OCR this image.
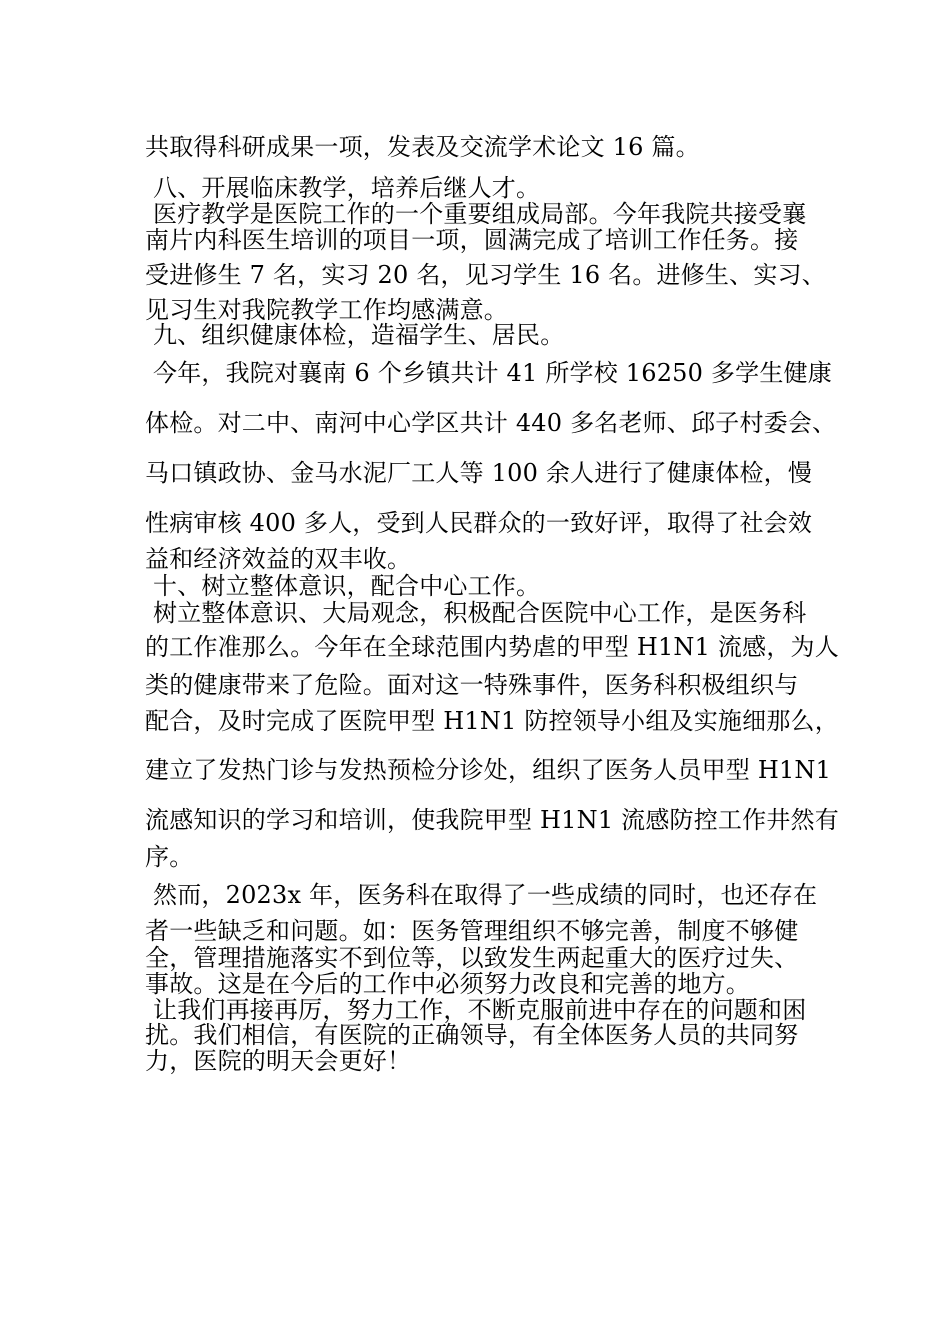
共取得科研成果一项，发表及交流学术论文 16 篇。
八、开展临床教学，培养后继人才。
医疗教学是医院工作的一个重要组成局部。今年我院共接受襄
南片内科医生培训的项目一项，圆满完成了培训工作任务。接
受进修生 7 名，实习 20 名，见习学生 16 名。进修生、实习、
见习生对我院教学工作均感满意。
九、组织健康体检，造福学生、居民。
今年，我院对襄南 6 个乡镇共计 41 所学校 16250 多学生健康
体检。对二中、南河中心学区共计 440 多名老师、邱子村委会、
马口镇政协、金马水泥厂工人等 100 余人进行了健康体检，慢
性病审核 400 多人，受到人民群众的一致好评，取得了社会效
益和经济效益的双丰收。
十、树立整体意识，配合中心工作。
树立整体意识、大局观念，积极配合医院中心工作，是医务科
的工作准那么。今年在全球范围内势虐的甲型 H1N1 流感，为人
类的健康带来了危险。面对这一特殊事件，医务科积极组织与
配合，及时完成了医院甲型 H1N1 防控领导小组及实施细那么，
建立了发热门诊与发热预检分诊处，组织了医务人员甲型 H1N1
流感知识的学习和培训，使我院甲型 H1N1 流感防控工作井然有
序。
然而，2023x 年，医务科在取得了一些成绩的同时，也还存在
者一些缺乏和问题。如：医务管理组织不够完善，制度不够健
全，管理措施落实不到位等，以致发生两起重大的医疗过失、
事故。这是在今后的工作中必须努力改良和完善的地方。
让我们再接再厉，努力工作，不断克服前进中存在的问题和困
扰。我们相信，有医院的正确领导，有全体医务人员的共同努
力，医院的明天会更好！
